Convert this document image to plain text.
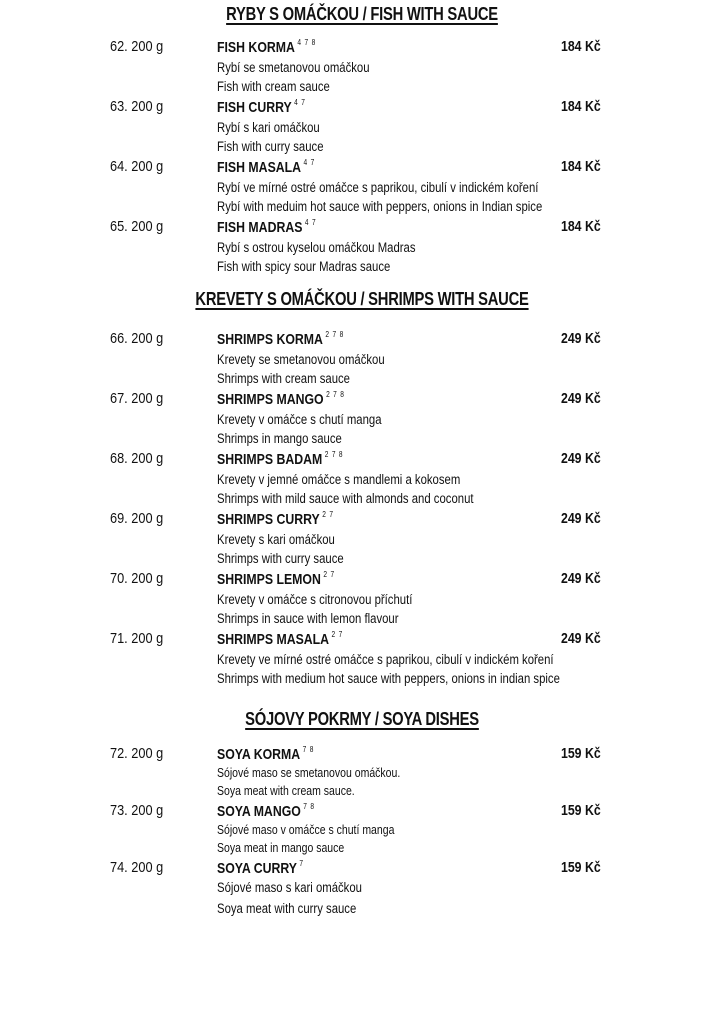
RYBY S OMÁČKOU / FISH WITH SAUCE
62. 200 g	FISH KORMA $^{4 7 8}$	184 Kč
Rybí se smetanovou omáčkou
Fish with cream sauce
63. 200 g	FISH CURRY $^{4 7}$	184 Kč
Rybí s kari omáčkou
Fish with curry sauce
64. 200 g	FISH MASALA $^{4 7}$	184 Kč
Rybí ve mírné ostré omáčce s paprikou, cibulí v indickém koření
Rybí with meduim hot sauce with peppers, onions in Indian spice
65. 200 g	FISH MADRAS $^{4 7}$	184 Kč
Rybí s ostrou kyselou omáčkou Madras
Fish with spicy sour Madras sauce
KREVETY S OMÁČKOU / SHRIMPS WITH SAUCE
66. 200 g	SHRIMPS KORMA $^{2 7 8}$	249 Kč
Krevety se smetanovou omáčkou
Shrimps with cream sauce
67. 200 g	SHRIMPS MANGO $^{2 7 8}$	249 Kč
Krevety v omáčce s chutí manga
Shrimps in mango sauce
68. 200 g	SHRIMPS BADAM $^{2 7 8}$	249 Kč
Krevety v jemné omáčce s mandlemi a kokosem
Shrimps with mild sauce with almonds and coconut
69. 200 g	SHRIMPS CURRY $^{2 7}$	249 Kč
Krevety s kari omáčkou
Shrimps with curry sauce
70. 200 g	SHRIMPS LEMON $^{2 7}$	249 Kč
Krevety v omáčce s citronovou příchutí
Shrimps in sauce with lemon flavour
71. 200 g	SHRIMPS MASALA $^{2 7}$	249 Kč
Krevety ve mírné ostré omáčce s paprikou, cibulí v indickém koření
Shrimps with medium hot sauce with peppers, onions in indian spice
SÓJOVY POKRMY / SOYA DISHES
72. 200 g	SOYA KORMA $^{7 8}$	159 Kč
Sójové maso se smetanovou omáčkou.
Soya meat with cream sauce.
73. 200 g	SOYA MANGO $^{7 8}$	159 Kč
Sójové maso v omáčce s chutí manga
Soya meat in mango sauce
74. 200 g	SOYA CURRY $^7$	159 Kč
Sójové maso s kari omáčkou
Soya meat with curry sauce
